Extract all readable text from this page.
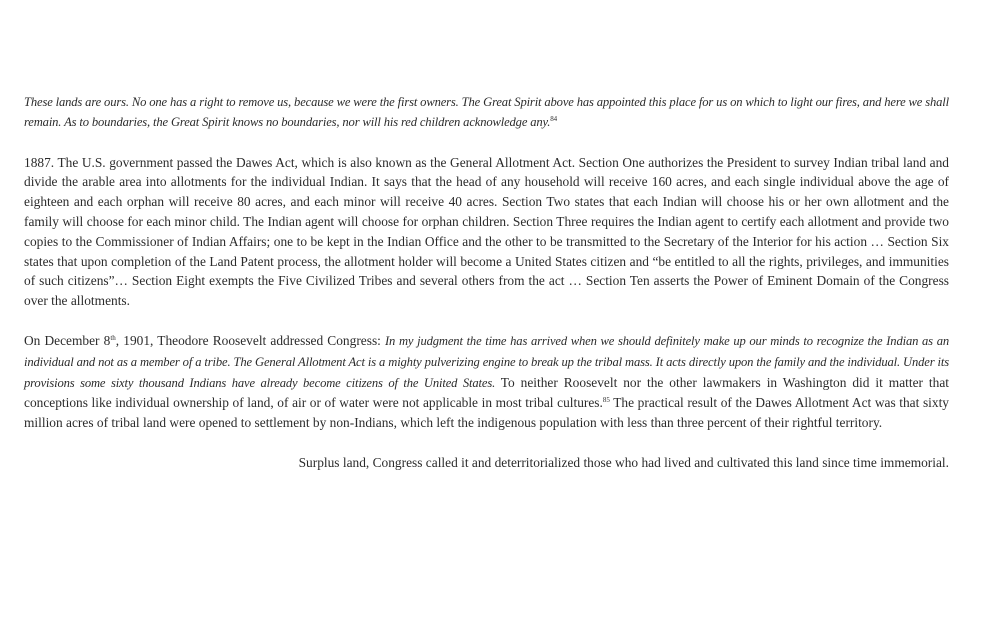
These lands are ours. No one has a right to remove us, because we were the first owners. The Great Spirit above has appointed this place for us on which to light our fires, and here we shall remain. As to boundaries, the Great Spirit knows no boundaries, nor will his red children acknowledge any.$^{84}$

1887. The U.S. government passed the Dawes Act, which is also known as the General Allotment Act. Section One authorizes the President to survey Indian tribal land and divide the arable area into allotments for the individual Indian. It says that the head of any household will receive 160 acres, and each single individual above the age of eighteen and each orphan will receive 80 acres, and each minor will receive 40 acres. Section Two states that each Indian will choose his or her own allotment and the family will choose for each minor child. The Indian agent will choose for orphan children. Section Three requires the Indian agent to certify each allotment and provide two copies to the Commissioner of Indian Affairs; one to be kept in the Indian Office and the other to be transmitted to the Secretary of the Interior for his action … Section Six states that upon completion of the Land Patent process, the allotment holder will become a United States citizen and “be entitled to all the rights, privileges, and immunities of such citizens”… Section Eight exempts the Five Civilized Tribes and several others from the act … Section Ten asserts the Power of Eminent Domain of the Congress over the allotments.

On December 8th, 1901, Theodore Roosevelt addressed Congress: In my judgment the time has arrived when we should definitely make up our minds to recognize the Indian as an individual and not as a member of a tribe. The General Allotment Act is a mighty pulverizing engine to break up the tribal mass. It acts directly upon the family and the individual. Under its provisions some sixty thousand Indians have already become citizens of the United States. To neither Roosevelt nor the other lawmakers in Washington did it matter that conceptions like individual ownership of land, of air or of water were not applicable in most tribal cultures.$^{85}$ The practical result of the Dawes Allotment Act was that sixty million acres of tribal land were opened to settlement by non-Indians, which left the indigenous population with less than three percent of their rightful territory.

Surplus land, Congress called it and deterritorialized those who had lived and cultivated this land since time immemorial.
